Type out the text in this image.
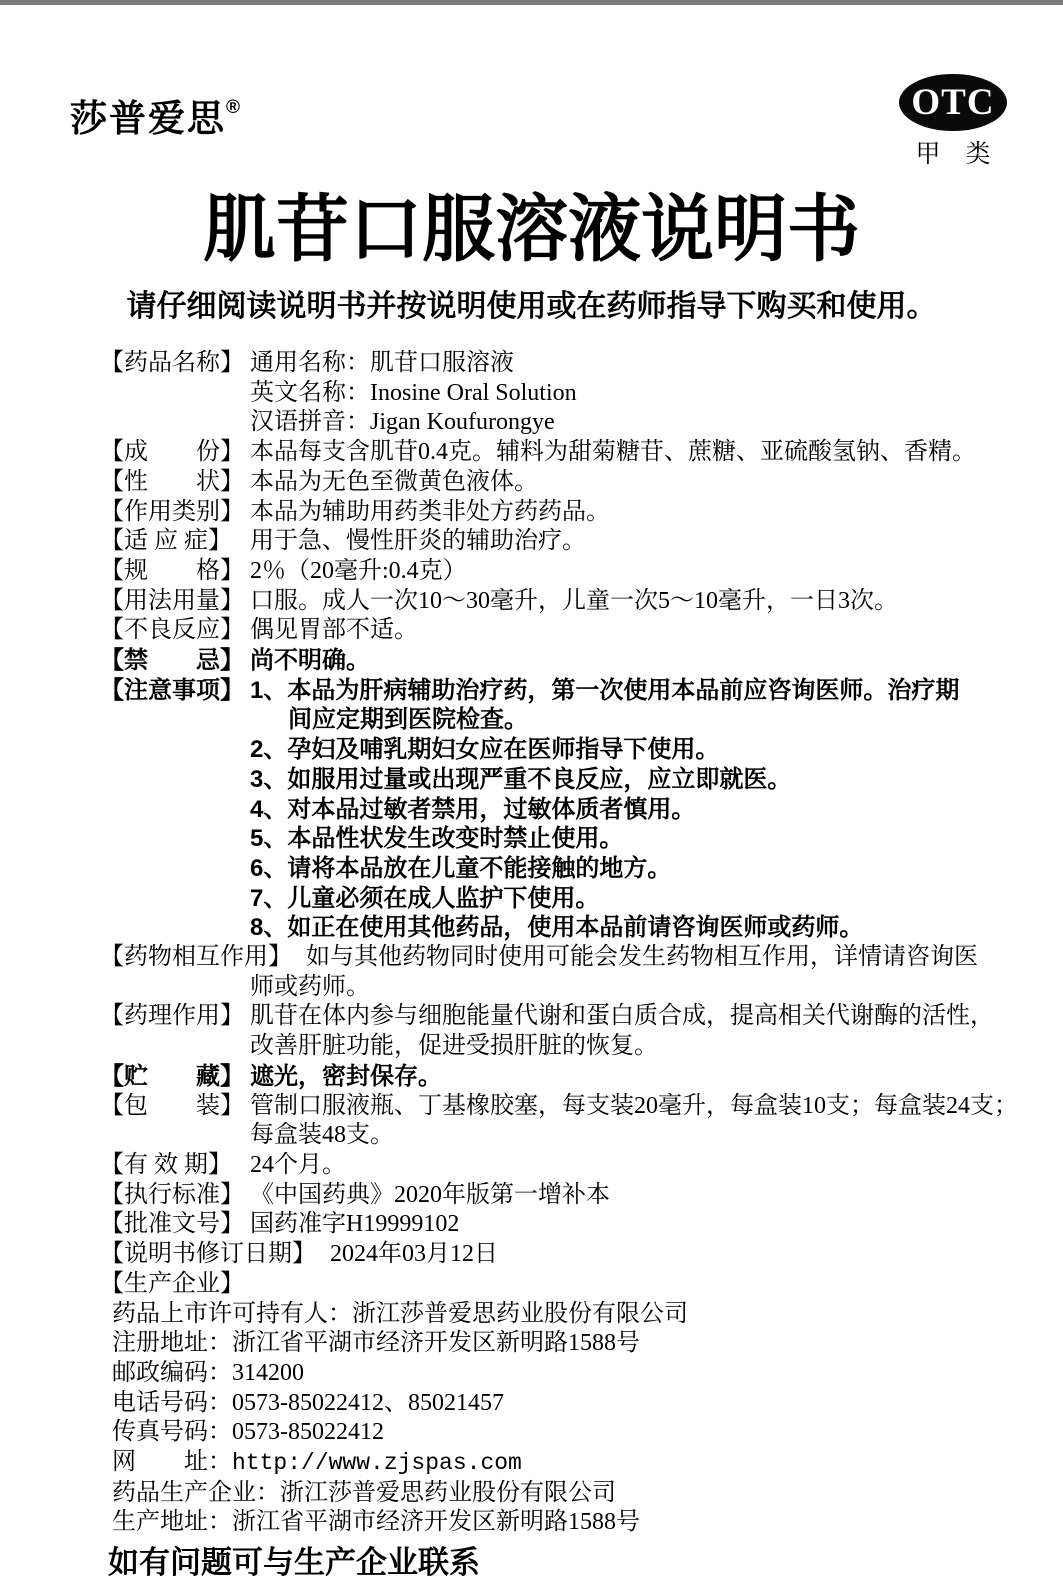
莎普爱思®	OTC
甲　类
肌苷口服溶液说明书
请仔细阅读说明书并按说明使用或在药师指导下购买和使用。
【药品名称】 通用名称：肌苷口服溶液
英文名称：Inosine Oral Solution
汉语拼音：Jigan Koufurongye
【成　　份】 本品每支含肌苷0.4克。辅料为甜菊糖苷、蔗糖、亚硫酸氢钠、香精。
【性　　状】 本品为无色至微黄色液体。
【作用类别】 本品为辅助用药类非处方药药品。
【适 应 症】 用于急、慢性肝炎的辅助治疗。
【规　　格】 2％（20毫升:0.4克）
【用法用量】 口服。成人一次10～30毫升，儿童一次5～10毫升，一日3次。
【不良反应】 偶见胃部不适。
【禁　　忌】 尚不明确。
【注意事项】 1、本品为肝病辅助治疗药，第一次使用本品前应咨询医师。治疗期
间应定期到医院检查。
2、孕妇及哺乳期妇女应在医师指导下使用。
3、如服用过量或出现严重不良反应，应立即就医。
4、对本品过敏者禁用，过敏体质者慎用。
5、本品性状发生改变时禁止使用。
6、请将本品放在儿童不能接触的地方。
7、儿童必须在成人监护下使用。
8、如正在使用其他药品，使用本品前请咨询医师或药师。
【药物相互作用】 如与其他药物同时使用可能会发生药物相互作用，详情请咨询医
师或药师。
【药理作用】 肌苷在体内参与细胞能量代谢和蛋白质合成，提高相关代谢酶的活性，
改善肝脏功能，促进受损肝脏的恢复。
【贮　　藏】 遮光，密封保存。
【包　　装】 管制口服液瓶、丁基橡胶塞，每支装20毫升，每盒装10支；每盒装24支；
每盒装48支。
【有 效 期】 24个月。
【执行标准】 《中国药典》2020年版第一增补本
【批准文号】 国药准字H19999102
【说明书修订日期】 2024年03月12日
【生产企业】
药品上市许可持有人：浙江莎普爱思药业股份有限公司
注册地址：浙江省平湖市经济开发区新明路1588号
邮政编码：314200
电话号码：0573-85022412、85021457
传真号码：0573-85022412
网　　址：http://www.zjspas.com
药品生产企业：浙江莎普爱思药业股份有限公司
生产地址：浙江省平湖市经济开发区新明路1588号
如有问题可与生产企业联系
